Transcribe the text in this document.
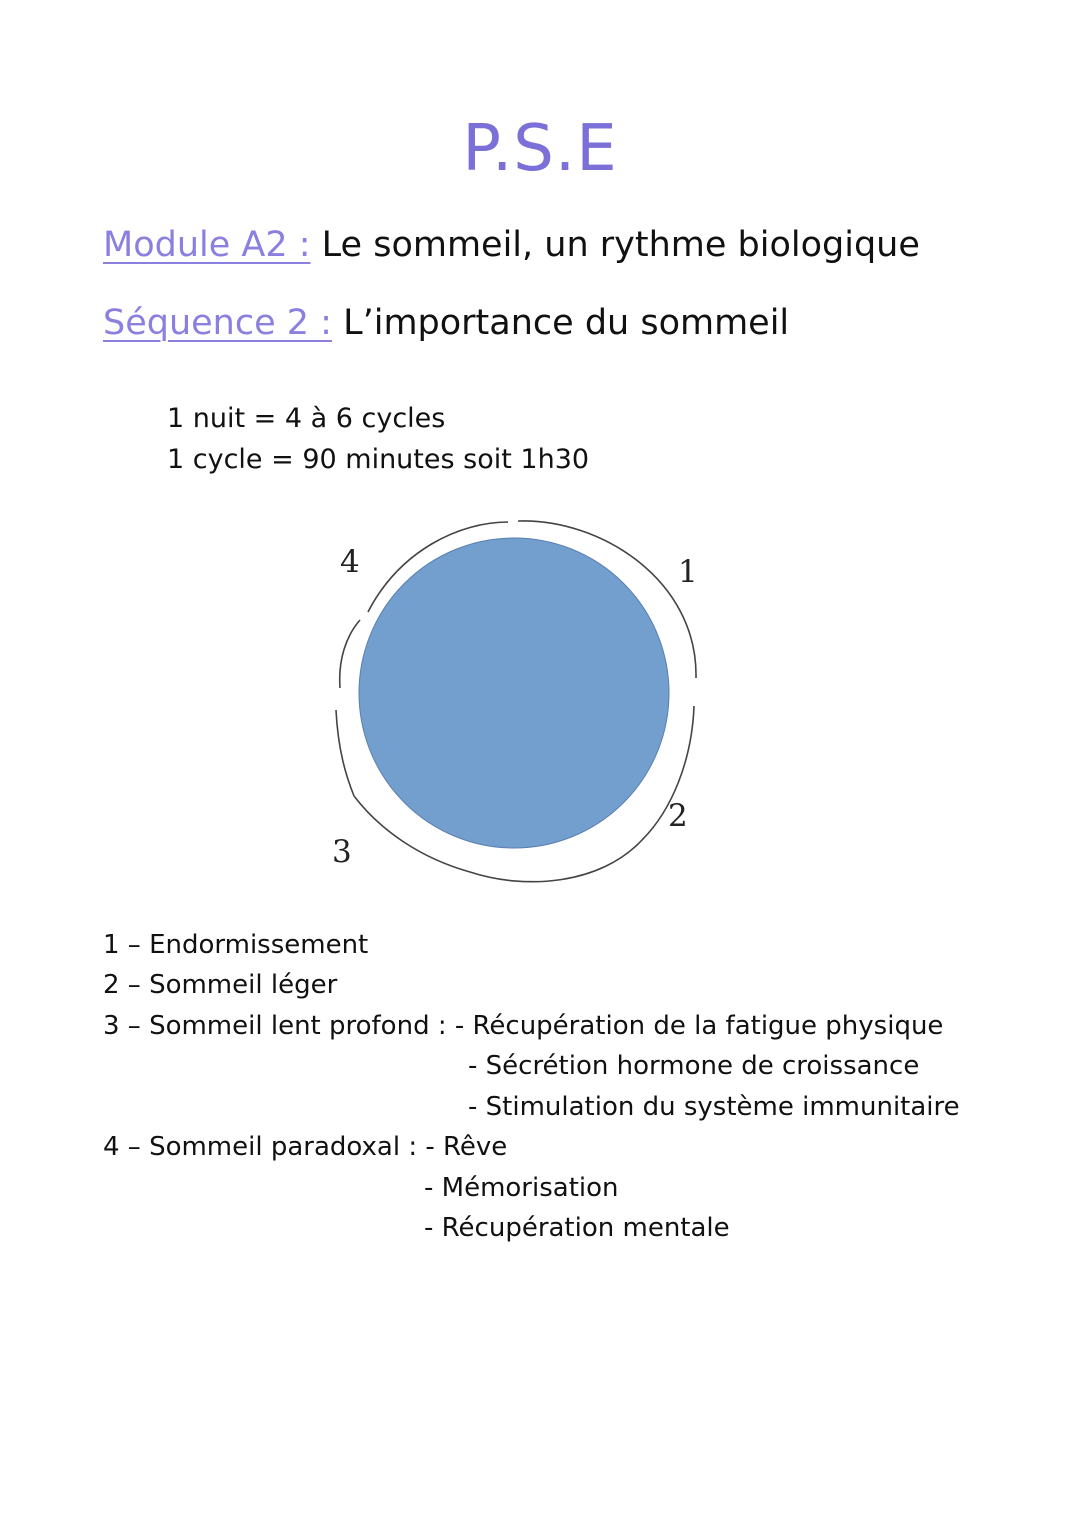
P.S.E
Module A2 : Le sommeil, un rythme biologique
Séquence 2 : L’importance du sommeil
1 nuit = 4 à 6 cycles
1 cycle = 90 minutes soit 1h30
4	1
2
3
1 – Endormissement
2 – Sommeil léger
3 – Sommeil lent profond : - Récupération de la fatigue physique
- Sécrétion hormone de croissance
- Stimulation du système immunitaire
4 – Sommeil paradoxal : - Rêve
- Mémorisation
- Récupération mentale
